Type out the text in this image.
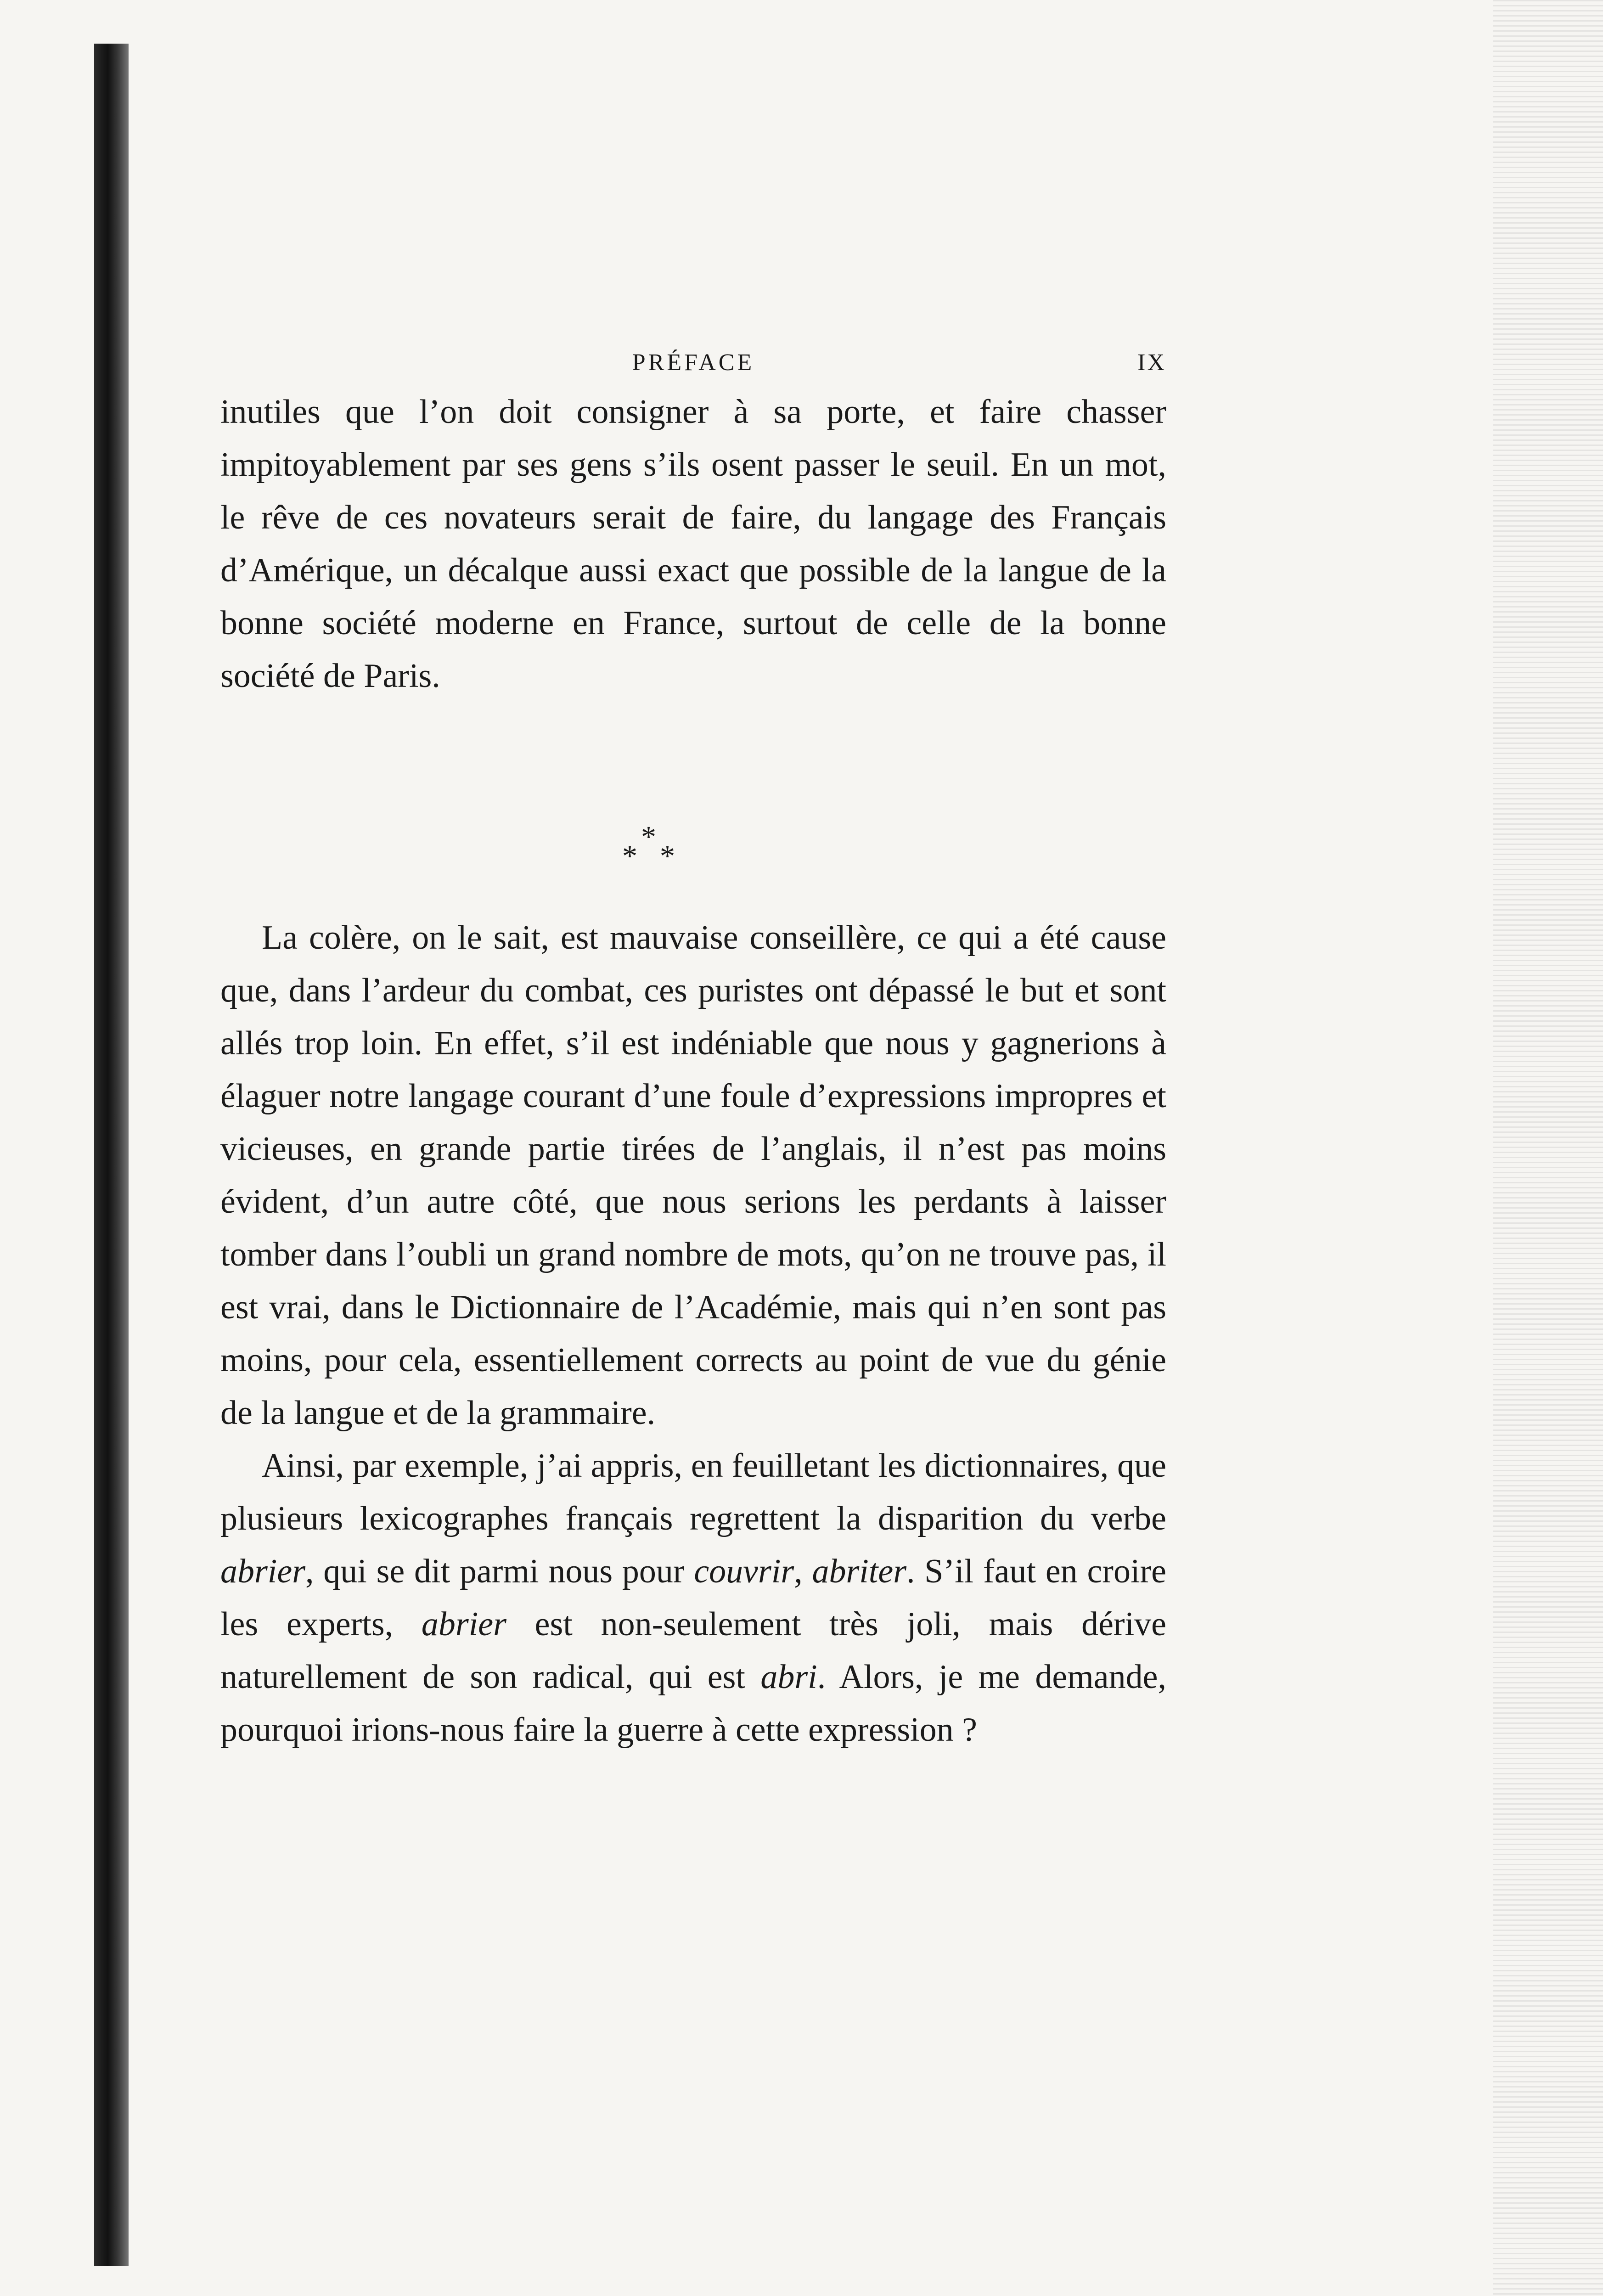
PRÉFACE	IX

inutiles que l’on doit consigner à sa porte, et faire chasser impitoyablement par ses gens s’ils osent passer le seuil. En un mot, le rêve de ces novateurs serait de faire, du langage des Français d’Amérique, un décalque aussi exact que possible de la langue de la bonne société moderne en France, surtout de celle de la bonne société de Paris.

*
* *

La colère, on le sait, est mauvaise conseillère, ce qui a été cause que, dans l’ardeur du combat, ces puristes ont dépassé le but et sont allés trop loin. En effet, s’il est indéniable que nous y gagnerions à élaguer notre langage courant d’une foule d’expressions impropres et vicieuses, en grande partie tirées de l’anglais, il n’est pas moins évident, d’un autre côté, que nous serions les perdants à laisser tomber dans l’oubli un grand nombre de mots, qu’on ne trouve pas, il est vrai, dans le Dictionnaire de l’Académie, mais qui n’en sont pas moins, pour cela, essentiellement corrects au point de vue du génie de la langue et de la grammaire.

Ainsi, par exemple, j’ai appris, en feuilletant les dictionnaires, que plusieurs lexicographes français regrettent la disparition du verbe abrier, qui se dit parmi nous pour couvrir, abriter. S’il faut en croire les experts, abrier est non-seulement très joli, mais dérive naturellement de son radical, qui est abri. Alors, je me demande, pourquoi irions-nous faire la guerre à cette expression ?
